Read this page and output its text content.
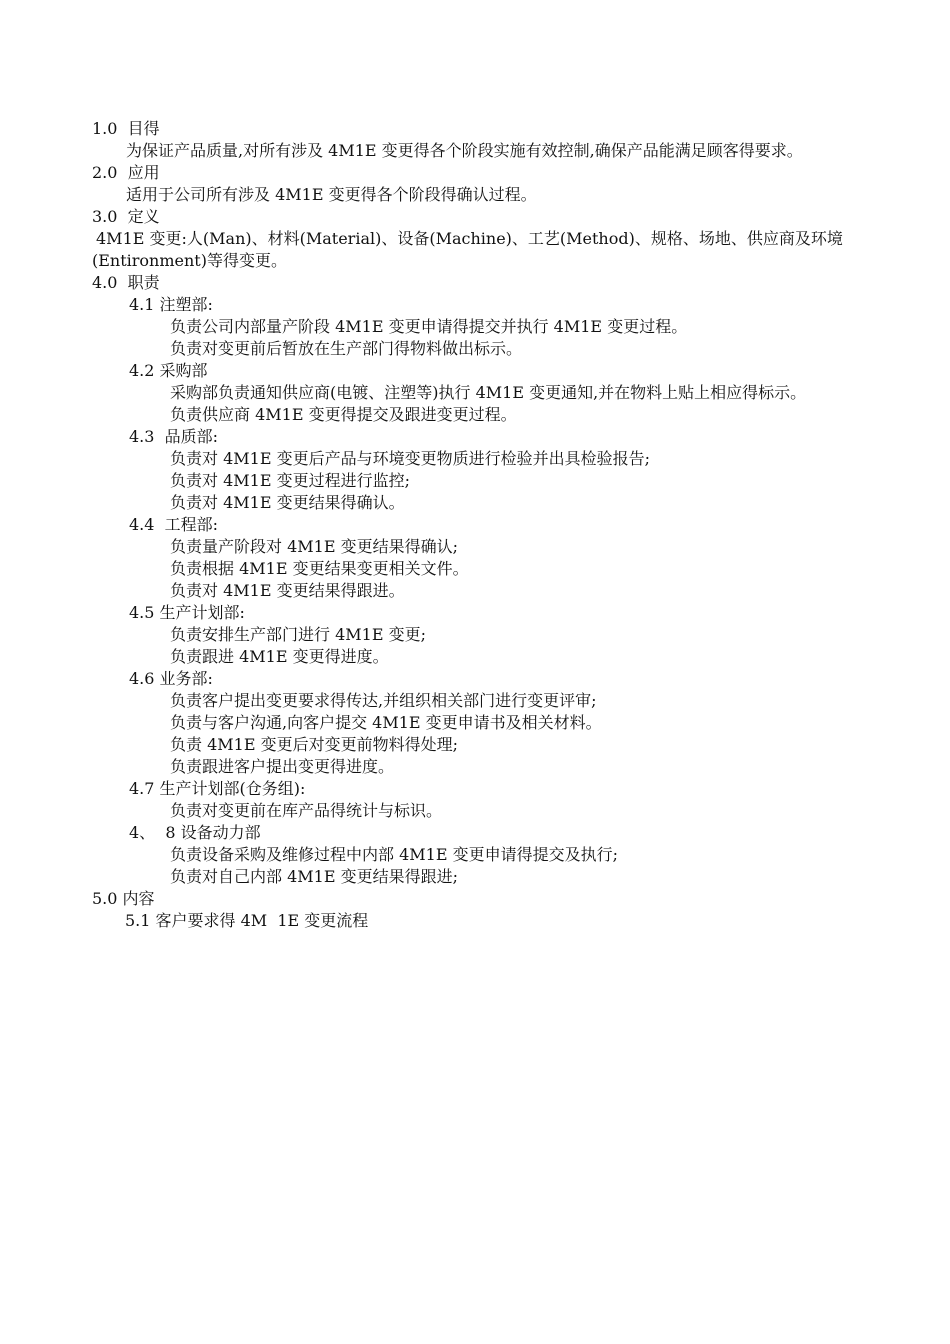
1.0  目得
为保证产品质量,对所有涉及 4M1E 变更得各个阶段实施有效控制,确保产品能满足顾客得要求。
2.0  应用
适用于公司所有涉及 4M1E 变更得各个阶段得确认过程。
3.0  定义
4M1E 变更:人(Man)、材料(Material)、设备(Machine)、工艺(Method)、规格、场地、供应商及环境(Entironment)等得变更。
4.0  职责
4.1 注塑部:
负责公司内部量产阶段 4M1E 变更申请得提交并执行 4M1E 变更过程。
负责对变更前后暂放在生产部门得物料做出标示。
4.2 采购部
采购部负责通知供应商(电镀、注塑等)执行 4M1E 变更通知,并在物料上贴上相应得标示。
负责供应商 4M1E 变更得提交及跟进变更过程。
4.3  品质部:
负责对 4M1E 变更后产品与环境变更物质进行检验并出具检验报告;
负责对 4M1E 变更过程进行监控;
负责对 4M1E 变更结果得确认。
4.4  工程部:
负责量产阶段对 4M1E 变更结果得确认;
负责根据 4M1E 变更结果变更相关文件。
负责对 4M1E 变更结果得跟进。
4.5 生产计划部:
负责安排生产部门进行 4M1E 变更;
负责跟进 4M1E 变更得进度。
4.6 业务部:
负责客户提出变更要求得传达,并组织相关部门进行变更评审;
负责与客户沟通,向客户提交 4M1E 变更申请书及相关材料。
负责 4M1E 变更后对变更前物料得处理;
负责跟进客户提出变更得进度。
4.7 生产计划部(仓务组):
负责对变更前在库产品得统计与标识。
4、  8 设备动力部
负责设备采购及维修过程中内部 4M1E 变更申请得提交及执行;
负责对自己内部 4M1E 变更结果得跟进;
5.0 内容
5.1 客户要求得 4M  1E 变更流程
